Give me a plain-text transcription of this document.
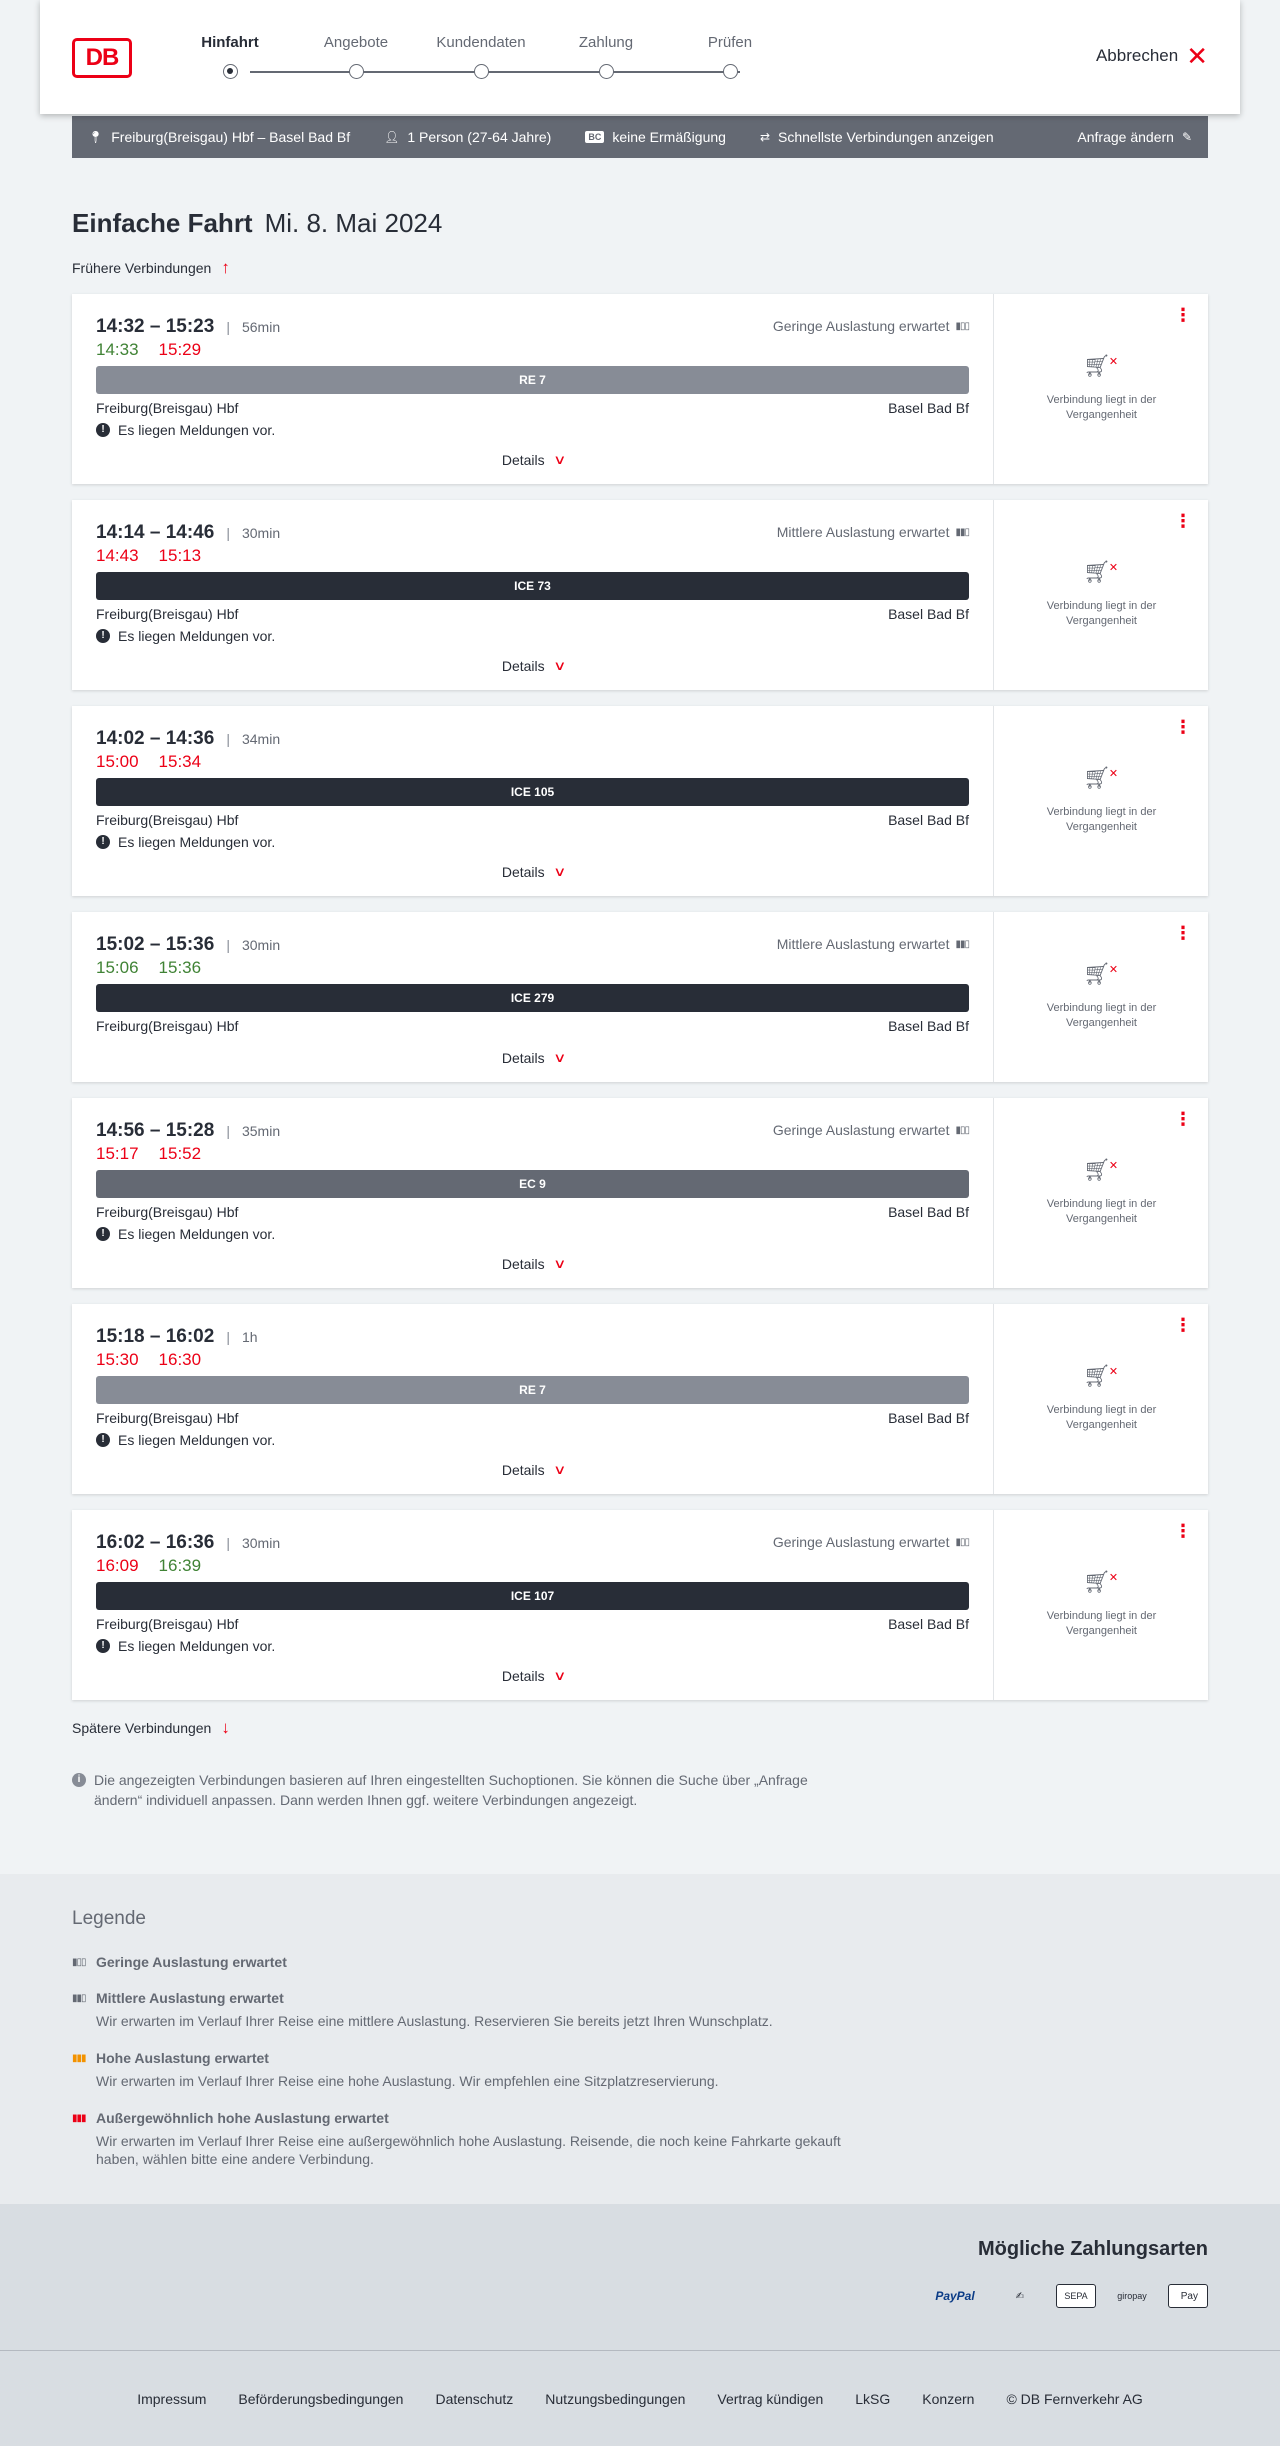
DB
Hinfahrt	Angebote	Kundendaten	Zahlung	Prüfen
Abbrechen ✕
📍︎ Freiburg(Breisgau) Hbf – Basel Bad Bf	👤︎ 1 Person (27-64 Jahre)	BC keine Ermäßigung	⇄ Schnellste Verbindungen anzeigen	Anfrage ändern ✎
Einfache Fahrt Mi. 8. Mai 2024
Frühere Verbindungen ↑
14:32 – 15:23 | 56min
14:33 15:29
Geringe Auslastung erwartet ▮▯▯
RE 7
Freiburg(Breisgau) Hbf	Basel Bad Bf
! Es liegen Meldungen vor.
Details ∨
⋮
🛒︎✕
Verbindung liegt in der Vergangenheit
14:14 – 14:46 | 30min
14:43 15:13
Mittlere Auslastung erwartet ▮▮▯
ICE 73
Freiburg(Breisgau) Hbf	Basel Bad Bf
! Es liegen Meldungen vor.
Details ∨
⋮
🛒︎✕
Verbindung liegt in der Vergangenheit
14:02 – 14:36 | 34min
15:00 15:34
ICE 105
Freiburg(Breisgau) Hbf	Basel Bad Bf
! Es liegen Meldungen vor.
Details ∨
⋮
🛒︎✕
Verbindung liegt in der Vergangenheit
15:02 – 15:36 | 30min
15:06 15:36
Mittlere Auslastung erwartet ▮▮▯
ICE 279
Freiburg(Breisgau) Hbf	Basel Bad Bf
Details ∨
⋮
🛒︎✕
Verbindung liegt in der Vergangenheit
14:56 – 15:28 | 35min
15:17 15:52
Geringe Auslastung erwartet ▮▯▯
EC 9
Freiburg(Breisgau) Hbf	Basel Bad Bf
! Es liegen Meldungen vor.
Details ∨
⋮
🛒︎✕
Verbindung liegt in der Vergangenheit
15:18 – 16:02 | 1h
15:30 16:30
RE 7
Freiburg(Breisgau) Hbf	Basel Bad Bf
! Es liegen Meldungen vor.
Details ∨
⋮
🛒︎✕
Verbindung liegt in der Vergangenheit
16:02 – 16:36 | 30min
16:09 16:39
Geringe Auslastung erwartet ▮▯▯
ICE 107
Freiburg(Breisgau) Hbf	Basel Bad Bf
! Es liegen Meldungen vor.
Details ∨
⋮
🛒︎✕
Verbindung liegt in der Vergangenheit
Spätere Verbindungen ↓
i Die angezeigten Verbindungen basieren auf Ihren eingestellten Suchoptionen. Sie können die Suche über „Anfrage ändern“ individuell anpassen. Dann werden Ihnen ggf. weitere Verbindungen angezeigt.
Legende
▮▯▯ Geringe Auslastung erwartet
▮▮▯ Mittlere Auslastung erwartet
Wir erwarten im Verlauf Ihrer Reise eine mittlere Auslastung. Reservieren Sie bereits jetzt Ihren Wunschplatz.
▮▮▮ Hohe Auslastung erwartet
Wir erwarten im Verlauf Ihrer Reise eine hohe Auslastung. Wir empfehlen eine Sitzplatzreservierung.
▮▮▮ Außergewöhnlich hohe Auslastung erwartet
Wir erwarten im Verlauf Ihrer Reise eine außergewöhnlich hohe Auslastung. Reisende, die noch keine Fahrkarte gekauft haben, wählen bitte eine andere Verbindung.
Mögliche Zahlungsarten
PayPal	✍︎	SEPA	giropay
	Pay
Impressum Beförderungsbedingungen Datenschutz Nutzungsbedingungen Vertrag kündigen LkSG Konzern © DB Fernverkehr AG
